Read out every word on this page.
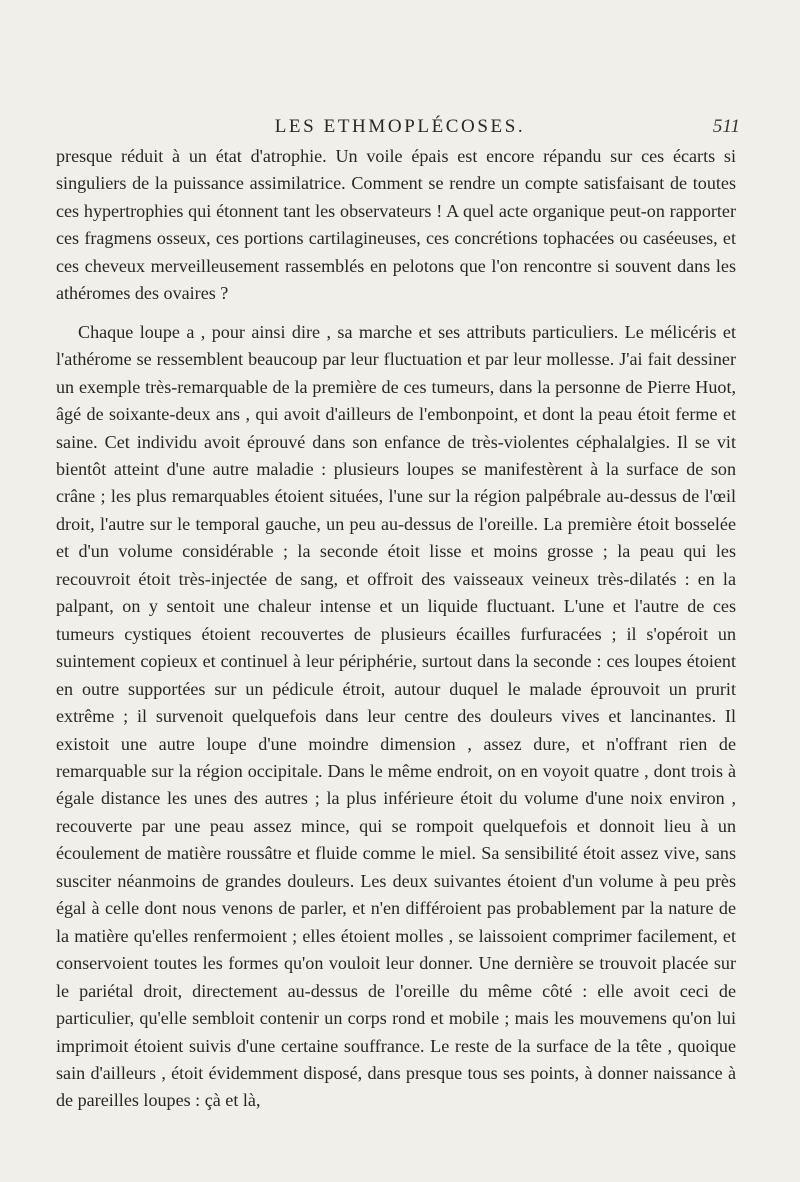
LES ETHMOPLÉCOSES.	511

presque réduit à un état d'atrophie. Un voile épais est encore répandu sur ces écarts si singuliers de la puissance assimilatrice. Comment se rendre un compte satisfaisant de toutes ces hypertrophies qui étonnent tant les observateurs ! A quel acte organique peut-on rapporter ces fragmens osseux, ces portions cartilagineuses, ces concrétions tophacées ou caséeuses, et ces cheveux merveilleusement rassemblés en pelotons que l'on rencontre si souvent dans les athéromes des ovaires ?

Chaque loupe a , pour ainsi dire , sa marche et ses attributs particuliers. Le mélicéris et l'athérome se ressemblent beaucoup par leur fluctuation et par leur mollesse. J'ai fait dessiner un exemple très-remarquable de la première de ces tumeurs, dans la personne de Pierre Huot, âgé de soixante-deux ans , qui avoit d'ailleurs de l'embonpoint, et dont la peau étoit ferme et saine. Cet individu avoit éprouvé dans son enfance de très-violentes céphalalgies. Il se vit bientôt atteint d'une autre maladie : plusieurs loupes se manifestèrent à la surface de son crâne ; les plus remarquables étoient situées, l'une sur la région palpébrale au-dessus de l'œil droit, l'autre sur le temporal gauche, un peu au-dessus de l'oreille. La première étoit bosselée et d'un volume considérable ; la seconde étoit lisse et moins grosse ; la peau qui les recouvroit étoit très-injectée de sang, et offroit des vaisseaux veineux très-dilatés : en la palpant, on y sentoit une chaleur intense et un liquide fluctuant. L'une et l'autre de ces tumeurs cystiques étoient recouvertes de plusieurs écailles furfuracées ; il s'opéroit un suintement copieux et continuel à leur périphérie, surtout dans la seconde : ces loupes étoient en outre supportées sur un pédicule étroit, autour duquel le malade éprouvoit un prurit extrême ; il survenoit quelquefois dans leur centre des douleurs vives et lancinantes. Il existoit une autre loupe d'une moindre dimension , assez dure, et n'offrant rien de remarquable sur la région occipitale. Dans le même endroit, on en voyoit quatre , dont trois à égale distance les unes des autres ; la plus inférieure étoit du volume d'une noix environ , recouverte par une peau assez mince, qui se rompoit quelquefois et donnoit lieu à un écoulement de matière roussâtre et fluide comme le miel. Sa sensibilité étoit assez vive, sans susciter néanmoins de grandes douleurs. Les deux suivantes étoient d'un volume à peu près égal à celle dont nous venons de parler, et n'en différoient pas probablement par la nature de la matière qu'elles renfermoient ; elles étoient molles , se laissoient comprimer facilement, et conservoient toutes les formes qu'on vouloit leur donner. Une dernière se trouvoit placée sur le pariétal droit, directement au-dessus de l'oreille du même côté : elle avoit ceci de particulier, qu'elle sembloit contenir un corps rond et mobile ; mais les mouvemens qu'on lui imprimoit étoient suivis d'une certaine souffrance. Le reste de la surface de la tête , quoique sain d'ailleurs , étoit évidemment disposé, dans presque tous ses points, à donner naissance à de pareilles loupes : çà et là,
